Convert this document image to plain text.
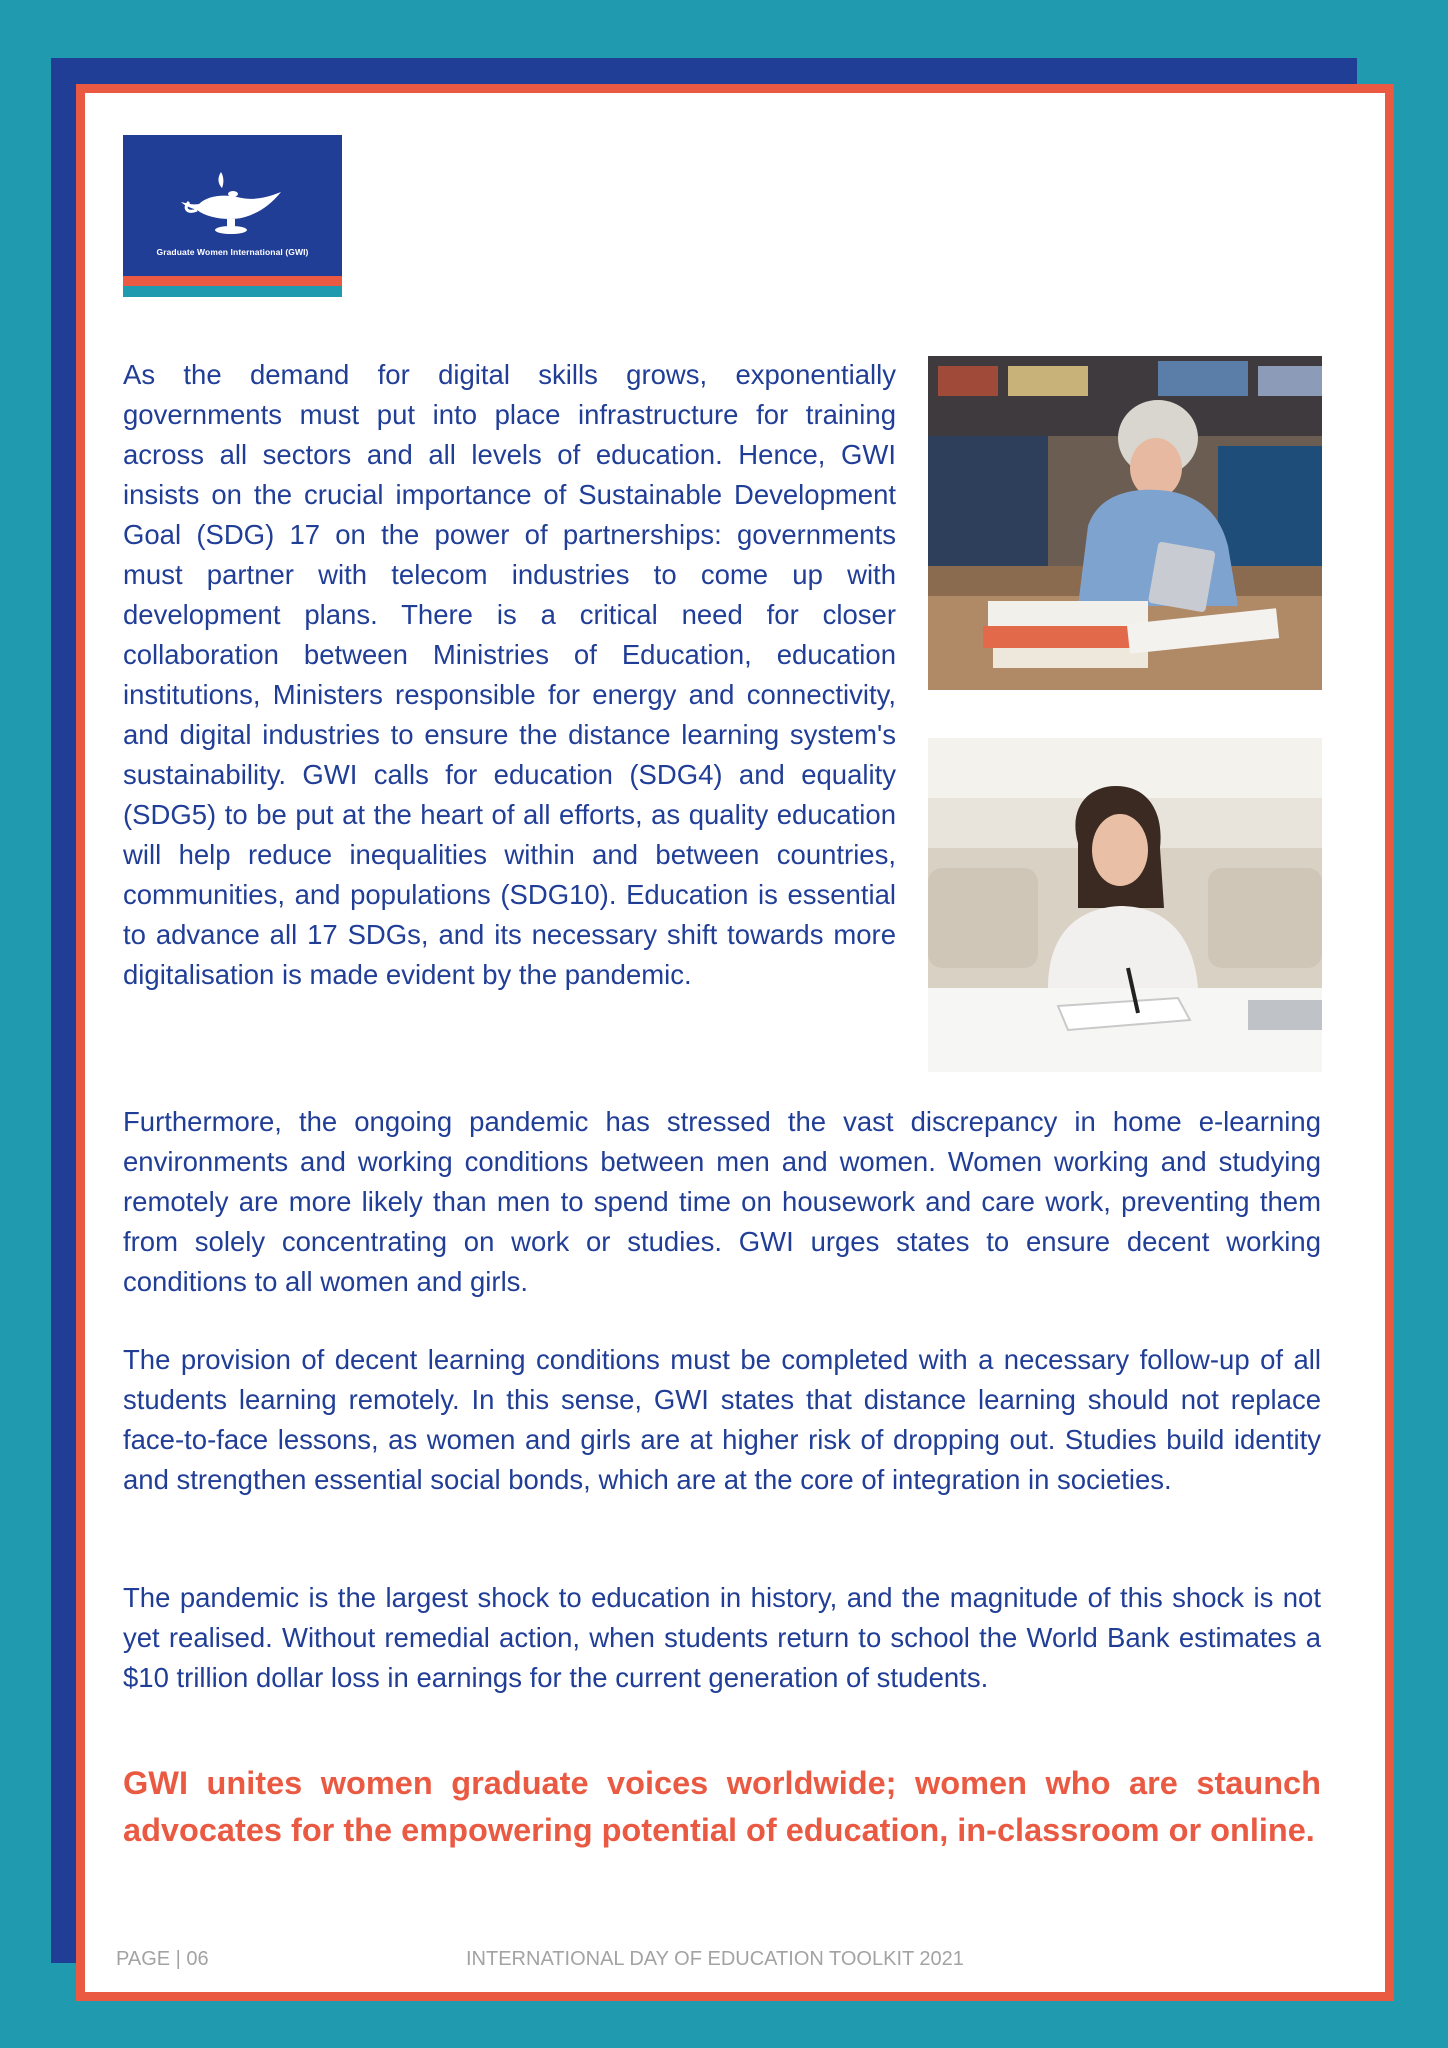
Graduate Women International (GWI)

As the demand for digital skills grows, exponentially governments must put into place infrastructure for training across all sectors and all levels of education. Hence, GWI insists on the crucial importance of Sustainable Development Goal (SDG) 17 on the power of partnerships: governments must partner with telecom industries to come up with development plans. There is a critical need for closer collaboration between Ministries of Education, education institutions, Ministers responsible for energy and connectivity, and digital industries to ensure the distance learning system's sustainability. GWI calls for education (SDG4) and equality (SDG5) to be put at the heart of all efforts, as quality education will help reduce inequalities within and between countries, communities, and populations (SDG10). Education is essential to advance all 17 SDGs, and its necessary shift towards more digitalisation is made evident by the pandemic.

Furthermore, the ongoing pandemic has stressed the vast discrepancy in home e-learning environments and working conditions between men and women. Women working and studying remotely are more likely than men to spend time on housework and care work, preventing them from solely concentrating on work or studies. GWI urges states to ensure decent working conditions to all women and girls.

The provision of decent learning conditions must be completed with a necessary follow-up of all students learning remotely. In this sense, GWI states that distance learning should not replace face-to-face lessons, as women and girls are at higher risk of dropping out. Studies build identity and strengthen essential social bonds, which are at the core of integration in societies.

The pandemic is the largest shock to education in history, and the magnitude of this shock is not yet realised. Without remedial action, when students return to school the World Bank estimates a $10 trillion dollar loss in earnings for the current generation of students.

GWI unites women graduate voices worldwide; women who are staunch advocates for the empowering potential of education, in-classroom or online.

PAGE | 06	INTERNATIONAL DAY OF EDUCATION TOOLKIT 2021
